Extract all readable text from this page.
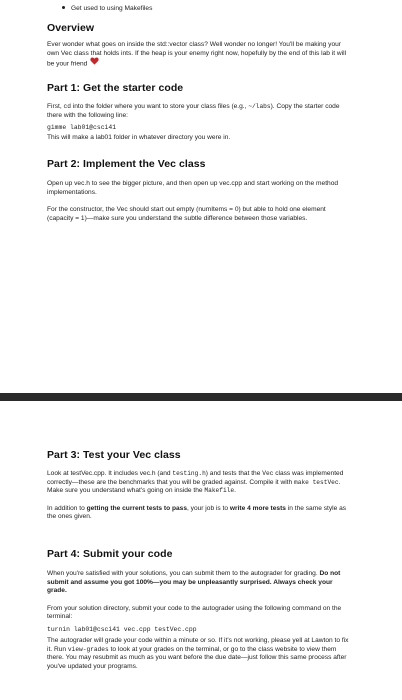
Get used to using Makefiles
Overview

Ever wonder what goes on inside the std::vector class? Well wonder no longer! You'll be making your own Vec class that holds ints. If the heap is your enemy right now, hopefully by the end of this lab it will be your friend

Part 1: Get the starter code

First, cd into the folder where you want to store your class files (e.g., ~/labs). Copy the starter code there with the following line:

gimme lab01@csci41

This will make a lab01 folder in whatever directory you were in.

Part 2: Implement the Vec class

Open up vec.h to see the bigger picture, and then open up vec.cpp and start working on the method implementations.

For the constructor, the Vec should start out empty (numItems = 0) but able to hold one element (capacity = 1)—make sure you understand the subtle difference between those variables.

Part 3: Test your Vec class

Look at testVec.cpp. It includes vec.h (and testing.h) and tests that the Vec class was implemented correctly—these are the benchmarks that you will be graded against. Compile it with make testVec. Make sure you understand what's going on inside the Makefile.

In addition to getting the current tests to pass, your job is to write 4 more tests in the same style as the ones given.

Part 4: Submit your code

When you're satisfied with your solutions, you can submit them to the autograder for grading. Do not submit and assume you got 100%—you may be unpleasantly surprised. Always check your grade.

From your solution directory, submit your code to the autograder using the following command on the terminal:

turnin lab01@csci41 vec.cpp testVec.cpp

The autograder will grade your code within a minute or so. If it's not working, please yell at Lawton to fix it. Run view-grades to look at your grades on the terminal, or go to the class website to view them there. You may resubmit as much as you want before the due date—just follow this same process after you've updated your programs.
